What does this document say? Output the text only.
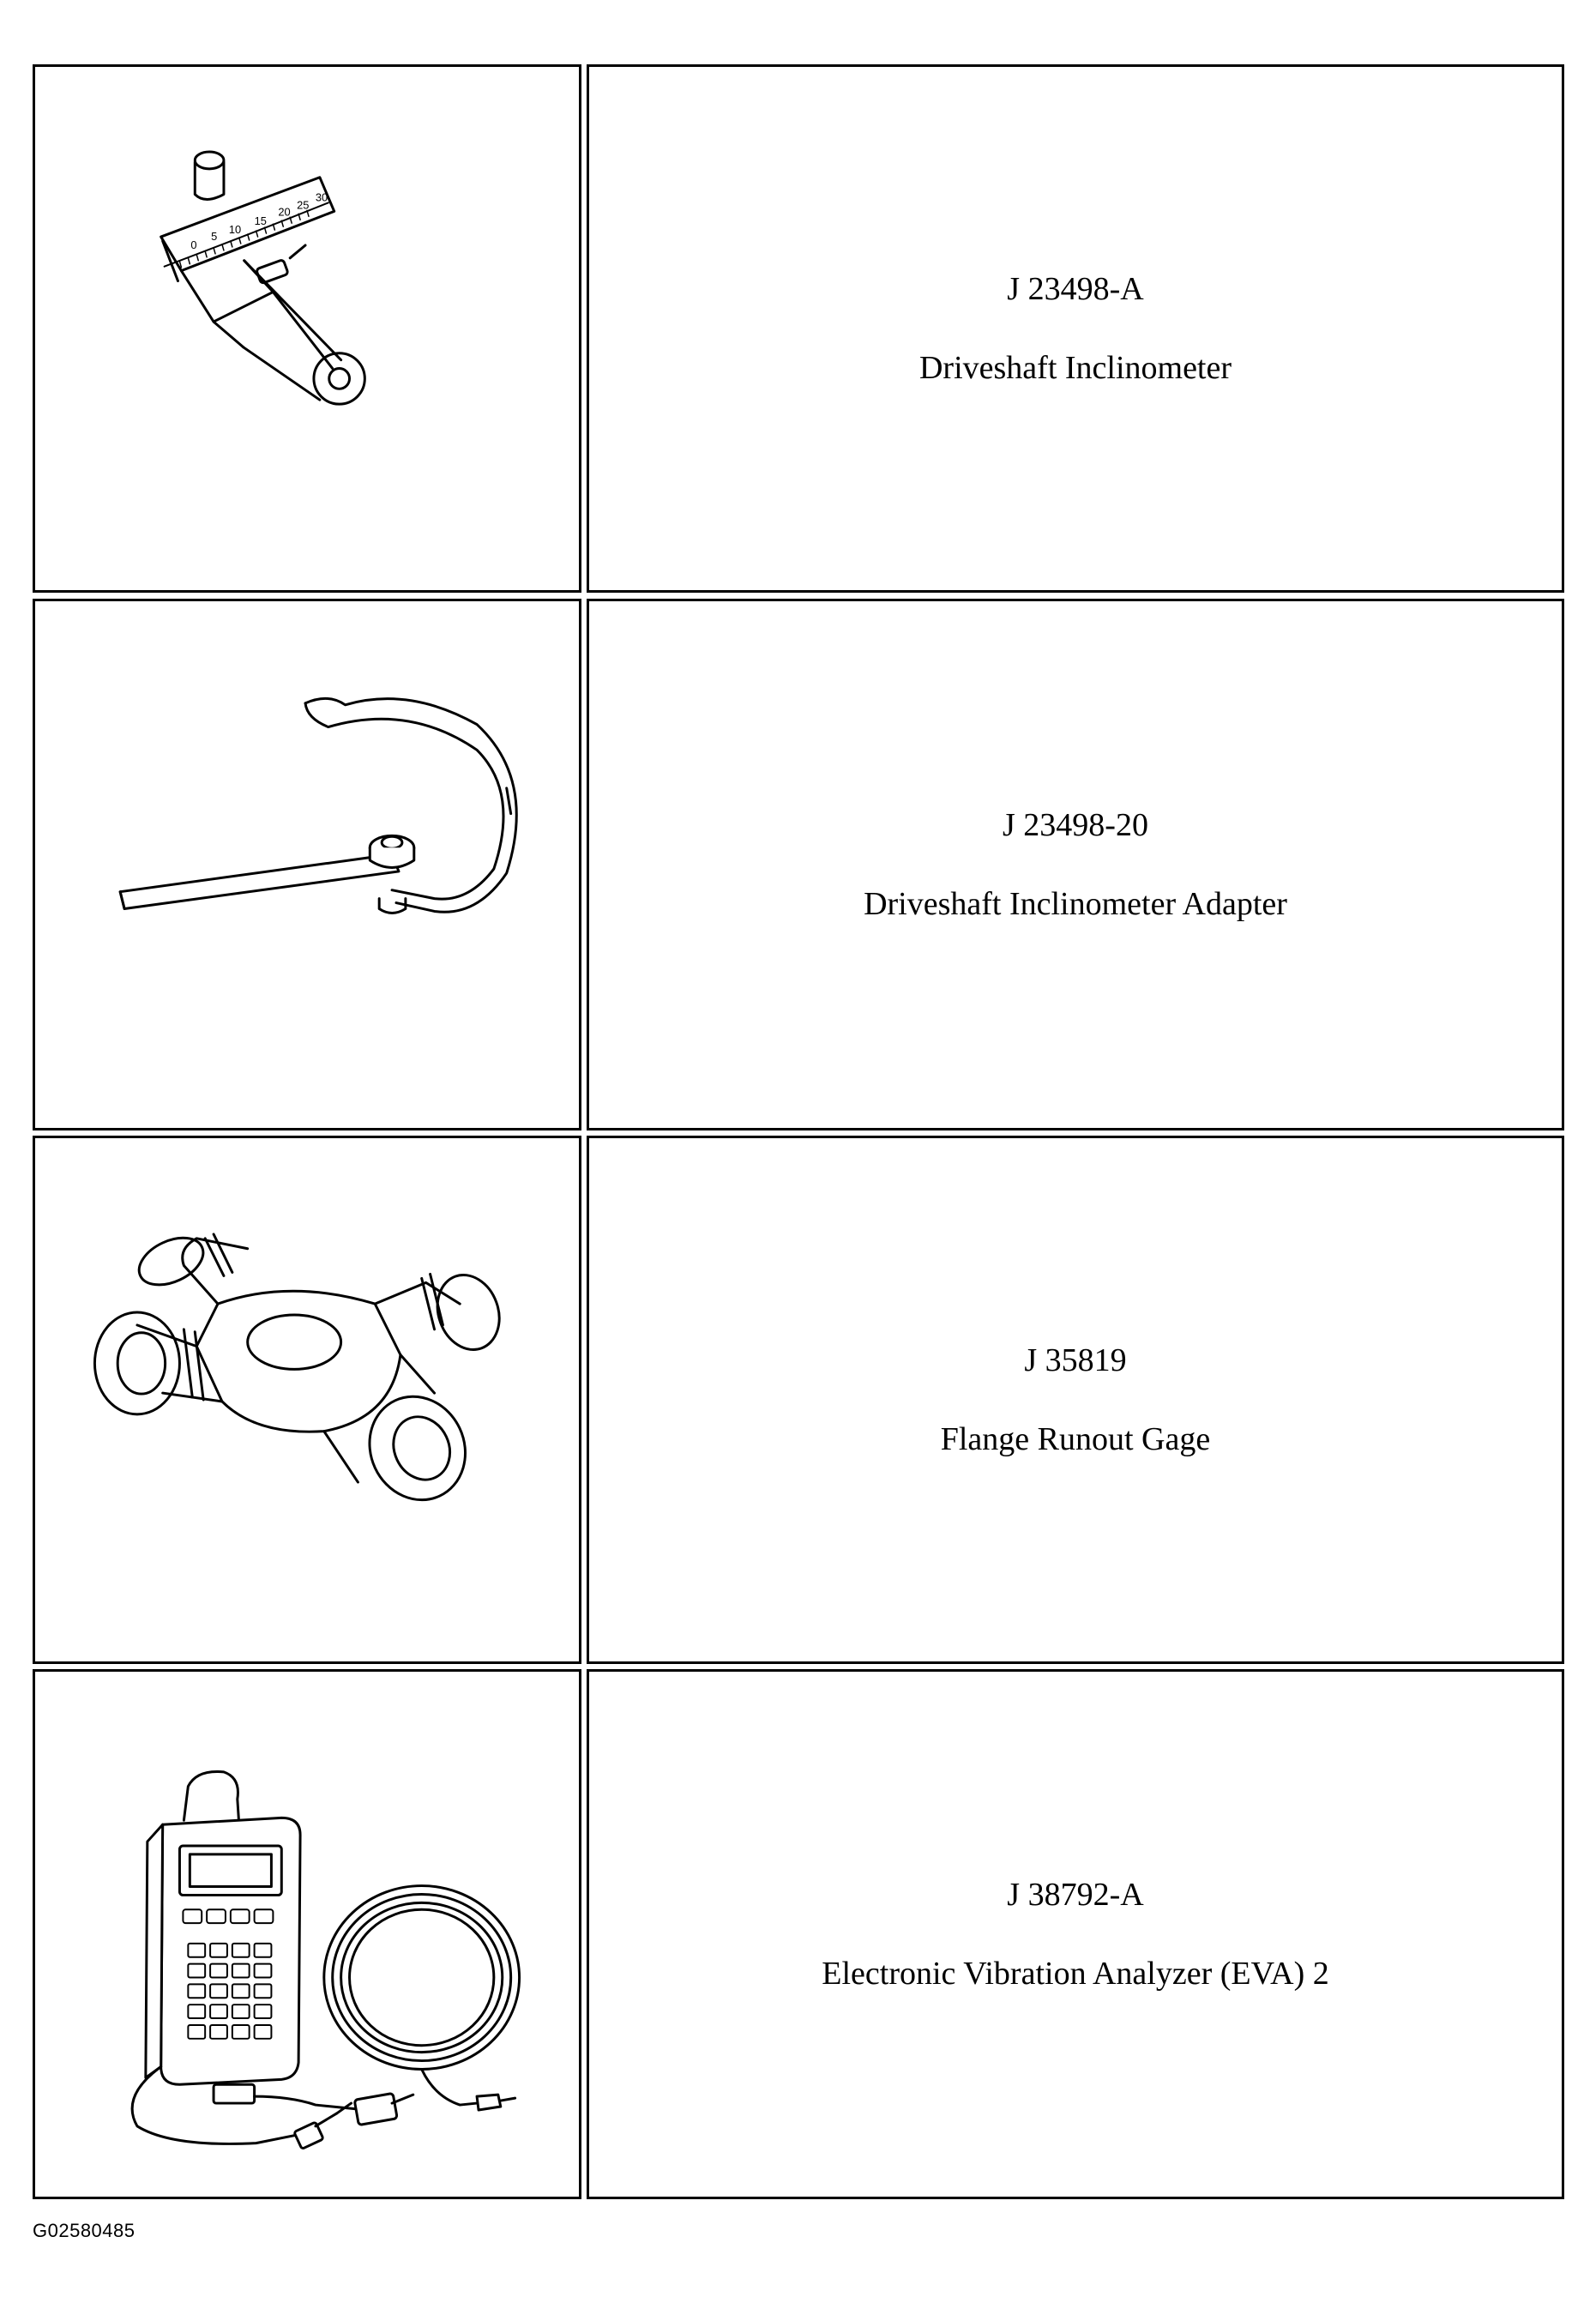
0
5
10
15
20
25
30
J 23498-A
Driveshaft Inclinometer
J 23498-20
Driveshaft Inclinometer Adapter
J 35819
Flange Runout Gage
J 38792-A
Electronic Vibration Analyzer (EVA) 2
G02580485
